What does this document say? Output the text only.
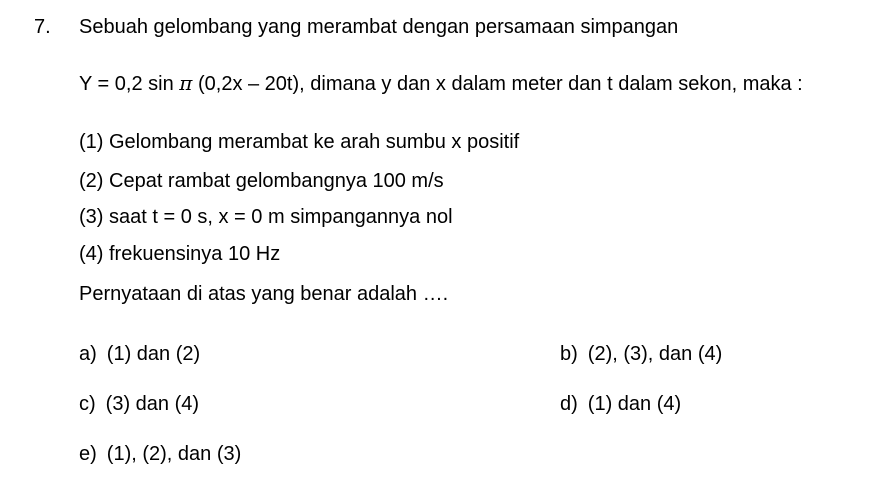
7. Sebuah gelombang yang merambat dengan persamaan simpangan
Y = 0,2 sin π (0,2x – 20t), dimana y dan x dalam meter dan t dalam sekon, maka :
(1) Gelombang merambat ke arah sumbu x positif
(2) Cepat rambat gelombangnya 100 m/s
(3) saat t = 0 s, x = 0 m simpangannya nol
(4) frekuensinya 10 Hz
Pernyataan di atas yang benar adalah ….
a) (1) dan (2)	b) (2), (3), dan (4)
c) (3) dan (4)	d) (1) dan (4)
e) (1), (2), dan (3)
